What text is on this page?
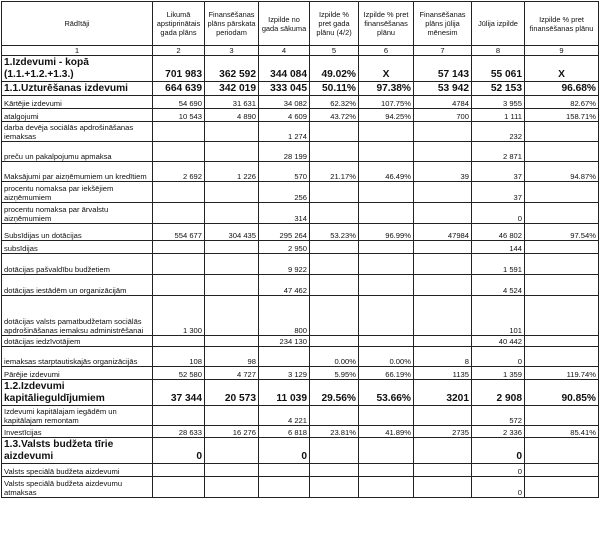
Rādītāji	Likumā apstiprinātais gada plāns	Finansēšanas plāns pārskata periodam	Izpilde no gada sākuma	Izpilde % pret gada plānu (4/2)	Izpilde % pret finansēšanas plānu	Finansēšanas plāns jūlija mēnesim	Jūlija izpilde	Izpilde % pret finansēšanas plānu
1	2	3	4	5	6	7	8	9
1.Izdevumi - kopā (1.1.+1.2.+1.3.)	701 983	362 592	344 084	49.02%	X	57 143	55 061	X
1.1.Uzturēšanas izdevumi	664 639	342 019	333 045	50.11%	97.38%	53 942	52 153	96.68%
Kārtējie izdevumi	54 690	31 631	34 082	62.32%	107.75%	4784	3 955	82.67%
atalgojumi	10 543	4 890	4 609	43.72%	94.25%	700	1 111	158.71%
darba devēja sociālās apdrošināšanas iemaksas			1 274				232	
preču un pakalpojumu apmaksa			28 199				2 871	
Maksājumi par aizņēmumiem un kredītiem	2 692	1 226	570	21.17%	46.49%	39	37	94.87%
procentu nomaksa par iekšējiem aizņēmumiem			256				37	
procentu nomaksa par ārvalstu aizņēmumiem			314				0	
Subsīdijas un dotācijas	554 677	304 435	295 264	53.23%	96.99%	47984	46 802	97.54%
subsīdijas			2 950				144	
dotācijas pašvaldību budžetiem			9 922				1 591	
dotācijas iestādēm un organizācijām			47 462				4 524	
dotācijas valsts pamatbudžetam sociālās apdrošināšanas iemaksu administrēšanai	1 300		800				101	
dotācijas iedzīvotājiem			234 130				40 442	
iemaksas starptautiskajās organizācijās	108	98		0.00%	0.00%	8	0	
Pārējie izdevumi	52 580	4 727	3 129	5.95%	66.19%	1135	1 359	119.74%
1.2.Izdevumi kapitālieguldījumiem	37 344	20 573	11 039	29.56%	53.66%	3201	2 908	90.85%
Izdevumi kapitālajam iegādēm un kapitālajam remontam			4 221				572	
Investīcijas	28 633	16 276	6 818	23.81%	41.89%	2735	2 336	85.41%
1.3.Valsts budžeta tīrie aizdevumi	0		0				0	
Valsts speciālā budžeta aizdevumi							0	
Valsts speciālā budžeta aizdevumu atmaksas							0	
